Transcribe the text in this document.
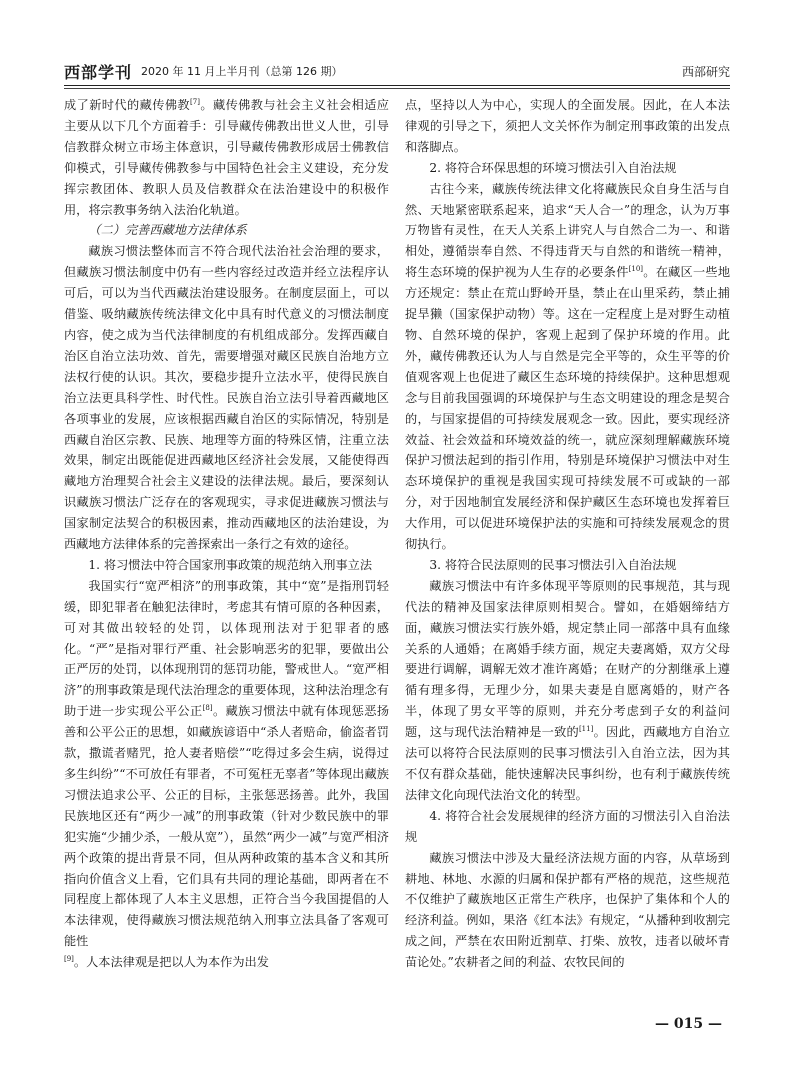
西部学刊 2020 年 11 月上半月刊（总第 126 期）	西部研究

成了新时代的藏传佛教[7]。藏传佛教与社会主义社会相适应主要从以下几个方面着手：引导藏传佛教出世义人世，引导信教群众树立市场主体意识，引导藏传佛教形成居士佛教信仰模式，引导藏传佛教参与中国特色社会主义建设，充分发挥宗教团体、教职人员及信教群众在法治建设中的积极作用，将宗教事务纳入法治化轨道。

（二）完善西藏地方法律体系

藏族习惯法整体而言不符合现代法治社会治理的要求，但藏族习惯法制度中仍有一些内容经过改造并经立法程序认可后，可以为当代西藏法治建设服务。在制度层面上，可以借鉴、吸纳藏族传统法律文化中具有时代意义的习惯法制度内容，使之成为当代法律制度的有机组成部分。发挥西藏自治区自治立法功效、首先，需要增强对藏区民族自治地方立法权行使的认识。其次，要稳步提升立法水平，使得民族自治立法更具科学性、时代性。民族自治立法引导着西藏地区各项事业的发展，应该根据西藏自治区的实际情况，特别是西藏自治区宗教、民族、地理等方面的特殊区情，注重立法效果，制定出既能促进西藏地区经济社会发展，又能使得西藏地方治理契合社会主义建设的法律法规。最后，要深刻认识藏族习惯法广泛存在的客观现实，寻求促进藏族习惯法与国家制定法契合的积极因素，推动西藏地区的法治建设，为西藏地方法律体系的完善探索出一条行之有效的途径。

1. 将习惯法中符合国家刑事政策的规范纳入刑事立法

我国实行“宽严相济”的刑事政策，其中“宽”是指刑罚轻缓，即犯罪者在触犯法律时，考虑其有情可原的各种因素，可对其做出较轻的处罚，以体现刑法对于犯罪者的感化。“严”是指对罪行严重、社会影响恶劣的犯罪，要做出公正严厉的处罚，以体现刑罚的惩罚功能，警戒世人。“宽严相济”的刑事政策是现代法治理念的重要体现，这种法治理念有助于进一步实现公平公正[8]。藏族习惯法中就有体现惩恶扬善和公平公正的思想，如藏族谚语中“杀人者赔命，偷盗者罚款，撒谎者赌咒，抢人妻者赔偿”“吃得过多会生病，说得过多生纠纷”“不可放任有罪者，不可冤枉无辜者”等体现出藏族习惯法追求公平、公正的目标，主张惩恶扬善。此外，我国民族地区还有“两少一减”的刑事政策（针对少数民族中的罪犯实施“少捕少杀，一般从宽”），虽然“两少一减”与宽严相济两个政策的提出背景不同，但从两种政策的基本含义和其所指向价值含义上看，它们具有共同的理论基础，即两者在不同程度上都体现了人本主义思想，正符合当今我国提倡的人本法律观，使得藏族习惯法规范纳入刑事立法具备了客观可能性

[9]。人本法律观是把以人为本作为出发

点，坚持以人为中心，实现人的全面发展。因此，在人本法律观的引导之下，须把人文关怀作为制定刑事政策的出发点和落脚点。

2. 将符合环保思想的环境习惯法引入自治法规

古往今来，藏族传统法律文化将藏族民众自身生活与自然、天地紧密联系起来，追求“天人合一”的理念，认为万事万物皆有灵性，在天人关系上讲究人与自然合二为一、和谐相处，遵循崇奉自然、不得违背天与自然的和谐统一精神，将生态环境的保护视为人生存的必要条件[10]。在藏区一些地方还规定：禁止在荒山野岭开垦，禁止在山里采药，禁止捕捉旱獭（国家保护动物）等。这在一定程度上是对野生动植物、自然环境的保护，客观上起到了保护环境的作用。此外，藏传佛教还认为人与自然是完全平等的，众生平等的价值观客观上也促进了藏区生态环境的持续保护。这种思想观念与目前我国强调的环境保护与生态文明建设的理念是契合的，与国家提倡的可持续发展观念一致。因此，要实现经济效益、社会效益和环境效益的统一，就应深刻理解藏族环境保护习惯法起到的指引作用，特别是环境保护习惯法中对生态环境保护的重视是我国实现可持续发展不可或缺的一部分，对于因地制宜发展经济和保护藏区生态环境也发挥着巨大作用，可以促进环境保护法的实施和可持续发展观念的贯彻执行。

3. 将符合民法原则的民事习惯法引入自治法规

藏族习惯法中有许多体现平等原则的民事规范，其与现代法的精神及国家法律原则相契合。譬如，在婚姻缔结方面，藏族习惯法实行族外婚，规定禁止同一部落中具有血缘关系的人通婚；在离婚手续方面，规定夫妻离婚，双方父母要进行调解，调解无效才准许离婚；在财产的分割继承上遵循有理多得，无理少分，如果夫妻是自愿离婚的，财产各半，体现了男女平等的原则，并充分考虑到子女的利益问题，这与现代法治精神是一致的[11]。因此，西藏地方自治立法可以将符合民法原则的民事习惯法引入自治立法，因为其不仅有群众基础，能快速解决民事纠纷，也有利于藏族传统法律文化向现代法治文化的转型。

4. 将符合社会发展规律的经济方面的习惯法引入自治法规

藏族习惯法中涉及大量经济法规方面的内容，从草场到耕地、林地、水源的归属和保护都有严格的规范，这些规范不仅维护了藏族地区正常生产秩序，也保护了集体和个人的经济利益。例如，果洛《红本法》有规定，“从播种到收割完成之间，严禁在农田附近割草、打柴、放牧，违者以破坏青苗论处。”农耕者之间的利益、农牧民间的

— 015 —
